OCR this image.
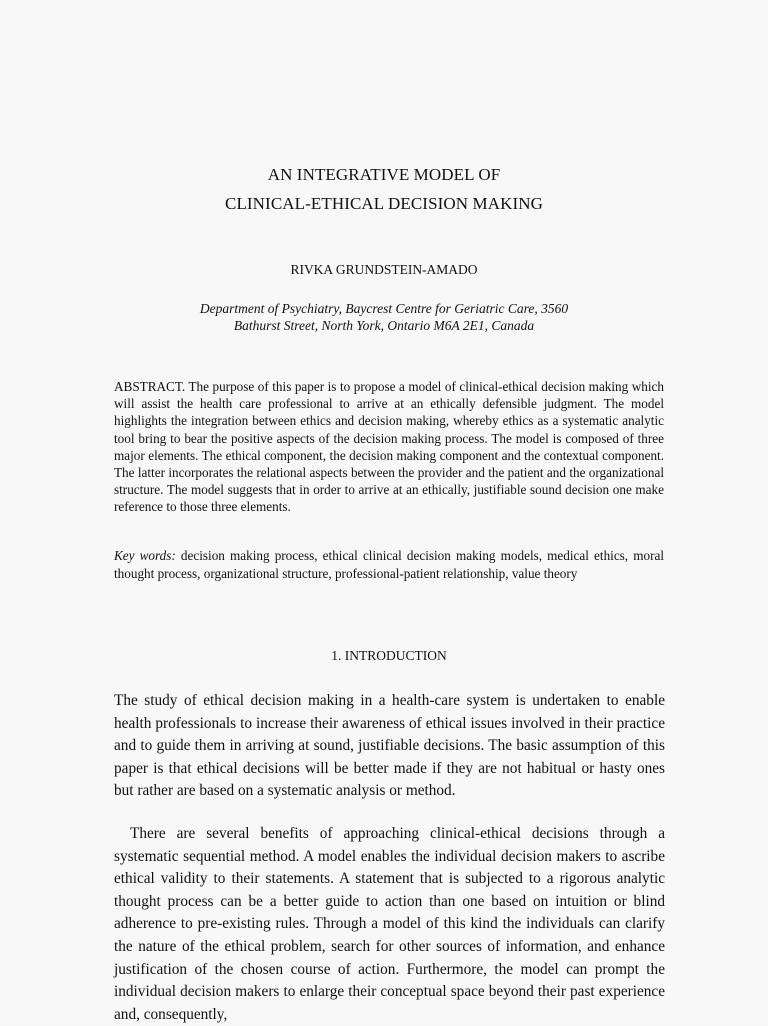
AN INTEGRATIVE MODEL OF
CLINICAL-ETHICAL DECISION MAKING
RIVKA GRUNDSTEIN-AMADO
Department of Psychiatry, Baycrest Centre for Geriatric Care, 3560
Bathurst Street, North York, Ontario M6A 2E1, Canada

ABSTRACT. The purpose of this paper is to propose a model of clinical-ethical decision making which will assist the health care professional to arrive at an ethically defensible judgment. The model highlights the integration between ethics and decision making, whereby ethics as a systematic analytic tool bring to bear the positive aspects of the decision making process. The model is composed of three major elements. The ethical component, the decision making component and the contextual component. The latter incorporates the relational aspects between the provider and the patient and the organizational structure. The model suggests that in order to arrive at an ethically, justifiable sound decision one make reference to those three elements.

Key words: decision making process, ethical clinical decision making models, medical ethics, moral thought process, organizational structure, professional-patient relationship, value theory

1. INTRODUCTION

The study of ethical decision making in a health-care system is undertaken to enable health professionals to increase their awareness of ethical issues involved in their practice and to guide them in arriving at sound, justifiable decisions. The basic assumption of this paper is that ethical decisions will be better made if they are not habitual or hasty ones but rather are based on a systematic analysis or method.

There are several benefits of approaching clinical-ethical decisions through a systematic sequential method. A model enables the individual decision makers to ascribe ethical validity to their statements. A statement that is subjected to a rigorous analytic thought process can be a better guide to action than one based on intuition or blind adherence to pre-existing rules. Through a model of this kind the individuals can clarify the nature of the ethical problem, search for other sources of information, and enhance justification of the chosen course of action. Furthermore, the model can prompt the individual decision makers to enlarge their conceptual space beyond their past experience and, consequently,
